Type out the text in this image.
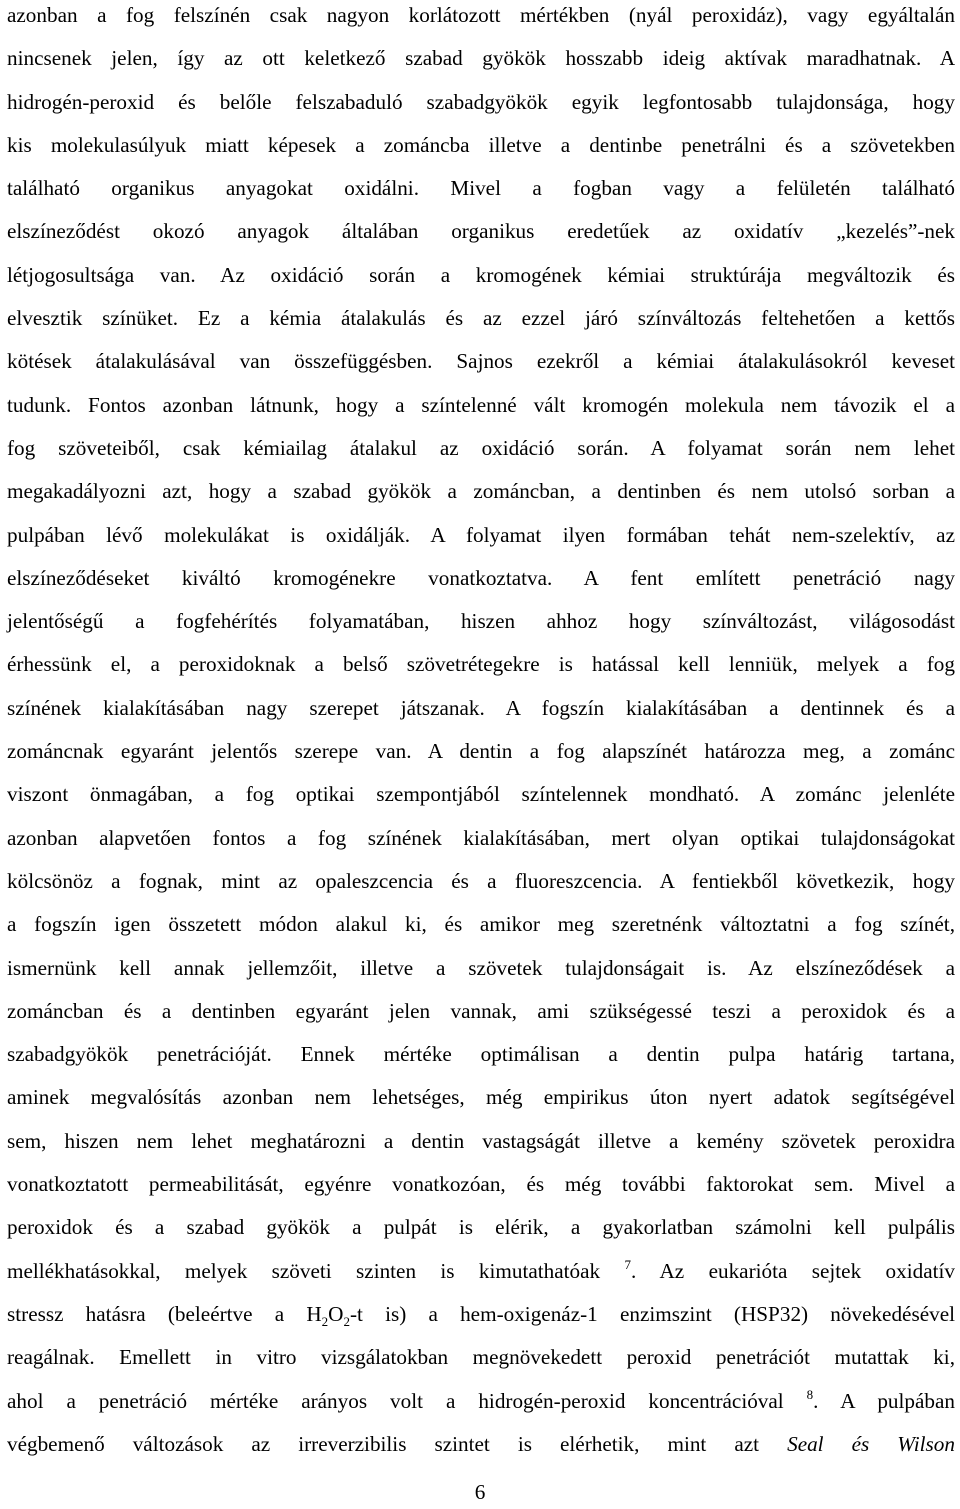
azonban a fog felszínén csak nagyon korlátozott mértékben (nyál peroxidáz), vagy egyáltalán
nincsenek jelen, így az ott keletkező szabad gyökök hosszabb ideig aktívak maradhatnak. A
hidrogén-peroxid és belőle felszabaduló szabadgyökök egyik legfontosabb tulajdonsága, hogy
kis molekulasúlyuk miatt képesek a zománcba illetve a dentinbe penetrálni és a szövetekben
található organikus anyagokat oxidálni. Mivel a fogban vagy a felületén található
elszíneződést okozó anyagok általában organikus eredetűek az oxidatív „kezelés”-nek
létjogosultsága van. Az oxidáció során a kromogének kémiai struktúrája megváltozik és
elvesztik színüket. Ez a kémia átalakulás és az ezzel járó színváltozás feltehetően a kettős
kötések átalakulásával van összefüggésben. Sajnos ezekről a kémiai átalakulásokról keveset
tudunk. Fontos azonban látnunk, hogy a színtelenné vált kromogén molekula nem távozik el a
fog szöveteiből, csak kémiailag átalakul az oxidáció során. A folyamat során nem lehet
megakadályozni azt, hogy a szabad gyökök a zománcban, a dentinben és nem utolsó sorban a
pulpában lévő molekulákat is oxidálják. A folyamat ilyen formában tehát nem-szelektív, az
elszíneződéseket kiváltó kromogénekre vonatkoztatva. A fent említett penetráció nagy
jelentőségű a fogfehérítés folyamatában, hiszen ahhoz hogy színváltozást, világosodást
érhessünk el, a peroxidoknak a belső szövetrétegekre is hatással kell lenniük, melyek a fog
színének kialakításában nagy szerepet játszanak. A fogszín kialakításában a dentinnek és a
zománcnak egyaránt jelentős szerepe van. A dentin a fog alapszínét határozza meg, a zománc
viszont önmagában, a fog optikai szempontjából színtelennek mondható. A zománc jelenléte
azonban alapvetően fontos a fog színének kialakításában, mert olyan optikai tulajdonságokat
kölcsönöz a fognak, mint az opaleszcencia és a fluoreszcencia. A fentiekből következik, hogy
a fogszín igen összetett módon alakul ki, és amikor meg szeretnénk változtatni a fog színét,
ismernünk kell annak jellemzőit, illetve a szövetek tulajdonságait is. Az elszíneződések a
zománcban és a dentinben egyaránt jelen vannak, ami szükségessé teszi a peroxidok és a
szabadgyökök penetrációját. Ennek mértéke optimálisan a dentin pulpa határig tartana,
aminek megvalósítás azonban nem lehetséges, még empirikus úton nyert adatok segítségével
sem, hiszen nem lehet meghatározni a dentin vastagságát illetve a kemény szövetek peroxidra
vonatkoztatott permeabilitását, egyénre vonatkozóan, és még további faktorokat sem. Mivel a
peroxidok és a szabad gyökök a pulpát is elérik, a gyakorlatban számolni kell pulpális
mellékhatásokkal, melyek szöveti szinten is kimutathatóak $^7$. Az eukarióta sejtek oxidatív
stressz hatásra (beleértve a $H_2O_2-t$ is) a hem-oxigenáz-1 enzimszint (HSP32) növekedésével
reagálnak. Emellett in vitro vizsgálatokban megnövekedett peroxid penetrációt mutattak ki,
ahol a penetráció mértéke arányos volt a hidrogén-peroxid koncentrációval $^8$. A pulpában
végbemenő változások az irreverzibilis szintet is elérhetik, mint azt Seal és Wilson
6
